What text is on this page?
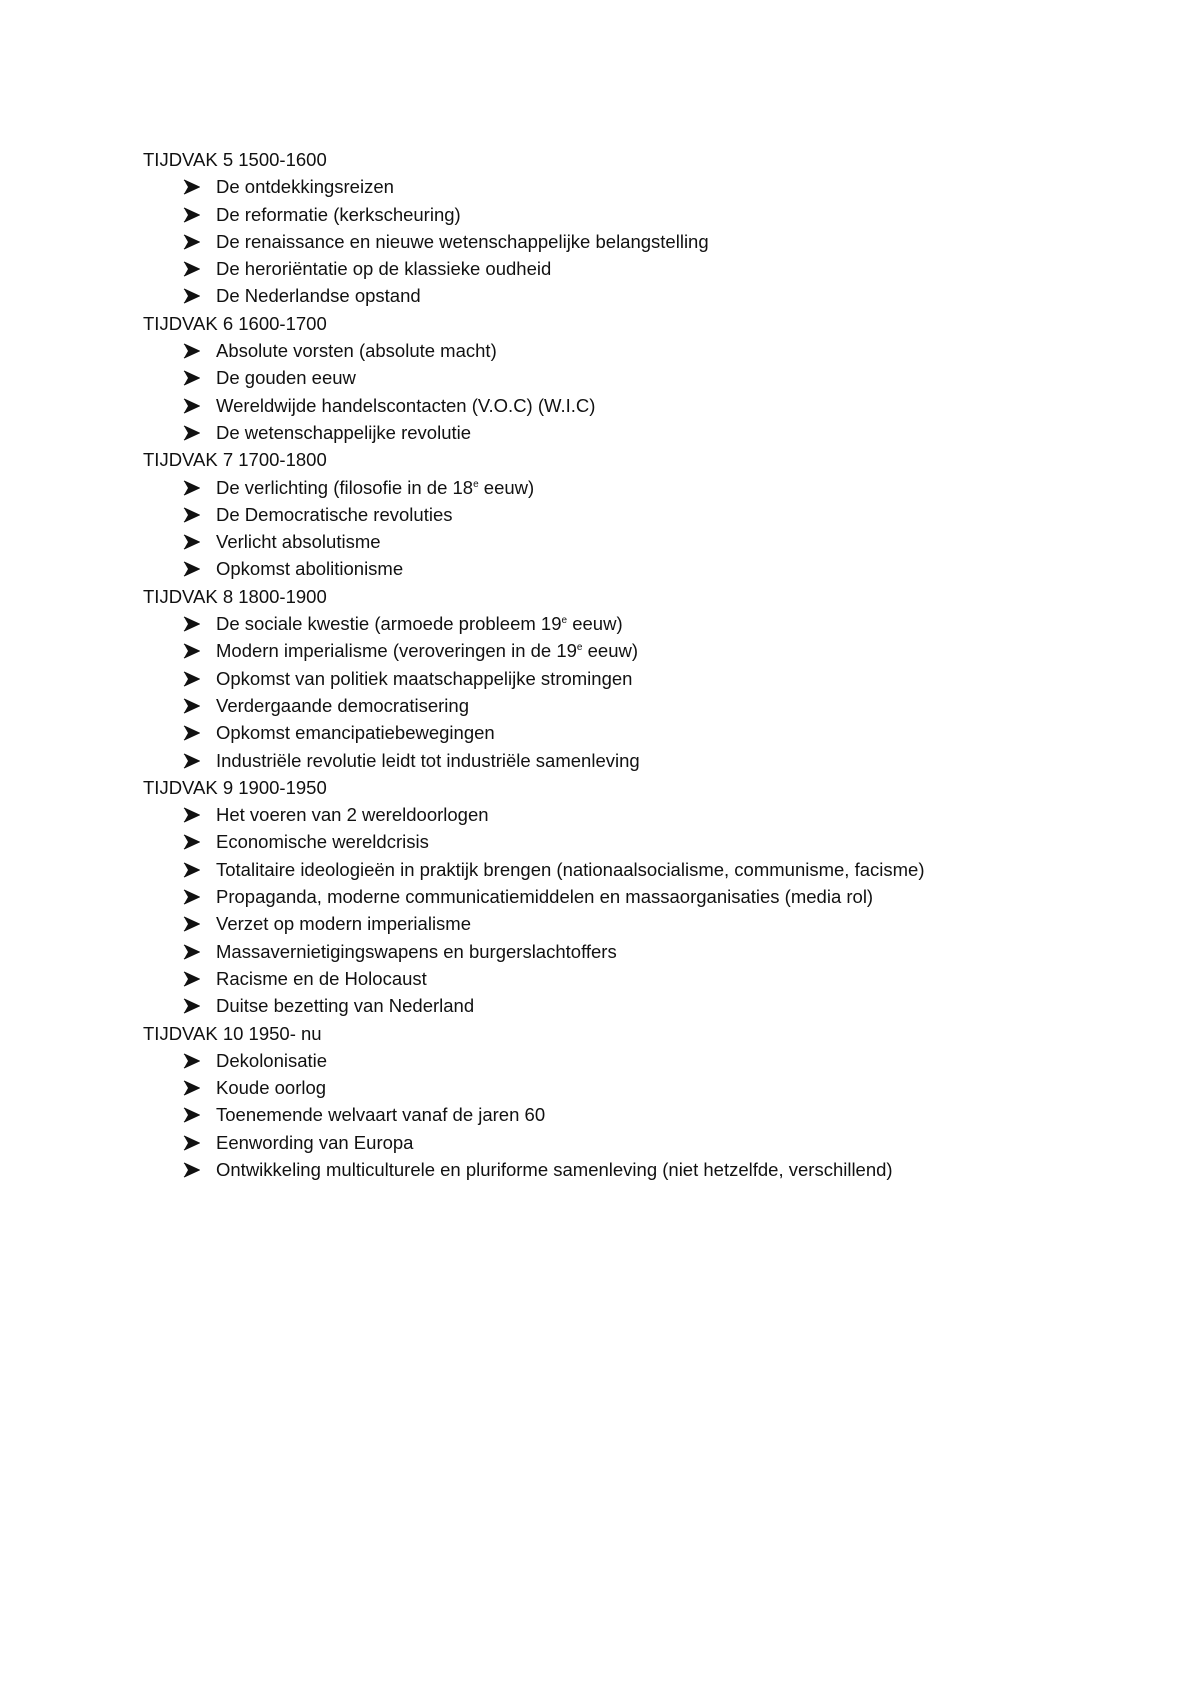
TIJDVAK 5 1500-1600
De ontdekkingsreizen
De reformatie (kerkscheuring)
De renaissance en nieuwe wetenschappelijke belangstelling
De heroriëntatie op de klassieke oudheid
De Nederlandse opstand
TIJDVAK 6 1600-1700
Absolute vorsten (absolute macht)
De gouden eeuw
Wereldwijde handelscontacten (V.O.C) (W.I.C)
De wetenschappelijke revolutie
TIJDVAK 7 1700-1800
De verlichting (filosofie in de 18e eeuw)
De Democratische revoluties
Verlicht absolutisme
Opkomst abolitionisme
TIJDVAK 8 1800-1900
De sociale kwestie (armoede probleem 19e eeuw)
Modern imperialisme (veroveringen in de 19e eeuw)
Opkomst van politiek maatschappelijke stromingen
Verdergaande democratisering
Opkomst emancipatiebewegingen
Industriële revolutie leidt tot industriële samenleving
TIJDVAK 9 1900-1950
Het voeren van 2 wereldoorlogen
Economische wereldcrisis
Totalitaire ideologieën in praktijk brengen (nationaalsocialisme, communisme, facisme)
Propaganda, moderne communicatiemiddelen en massaorganisaties (media rol)
Verzet op modern imperialisme
Massavernietigingswapens en burgerslachtoffers
Racisme en de Holocaust
Duitse bezetting van Nederland
TIJDVAK 10 1950- nu
Dekolonisatie
Koude oorlog
Toenemende welvaart vanaf de jaren 60
Eenwording van Europa
Ontwikkeling multiculturele en pluriforme samenleving (niet hetzelfde, verschillend)
